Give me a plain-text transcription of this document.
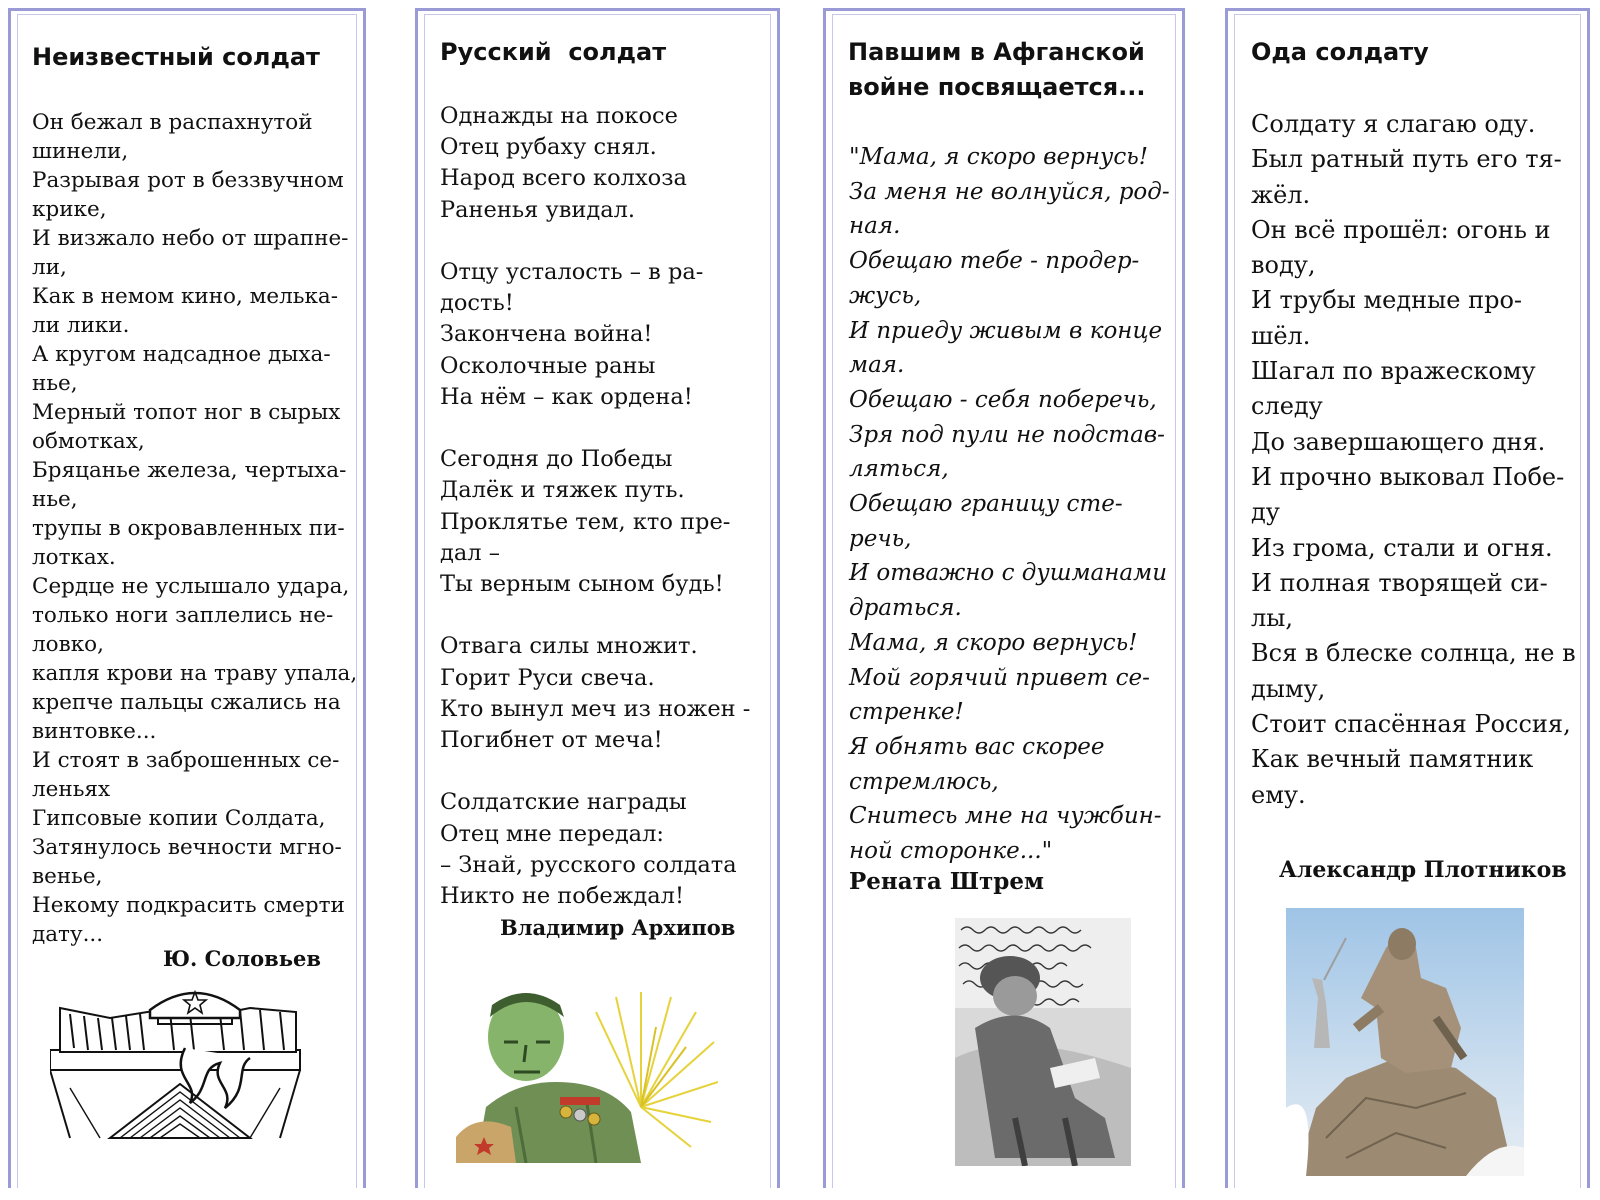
Неизвестный солдат
Он бежал в распахнутой
шинели,
Разрывая рот в беззвучном
крике,
И визжало небо от шрапне-
ли,
Как в немом кино, мелька-
ли лики.
А кругом надсадное дыха-
нье,
Мерный топот ног в сырых
обмотках,
Бряцанье железа, чертыха-
нье,
трупы в окровавленных пи-
лотках.
Сердце не услышало удара,
только ноги заплелись не-
ловко,
капля крови на траву упала,
крепче пальцы сжались на
винтовке...
И стоят в заброшенных се-
леньях
Гипсовые копии Солдата,
Затянулось вечности мгно-
венье,
Некому подкрасить смерти
дату...
Ю. Соловьев
Русский  солдат
Однажды на покосе
Отец рубаху снял.
Народ всего колхоза
Раненья увидал.

Отцу усталость – в ра-
дость!
Закончена война!
Осколочные раны
На нём – как ордена!

Сегодня до Победы
Далёк и тяжек путь.
Проклятье тем, кто пре-
дал –
Ты верным сыном будь!

Отвага силы множит.
Горит Руси свеча.
Кто вынул меч из ножен -
Погибнет от меча!

Солдатские награды
Отец мне передал:
– Знай, русского солдата
Никто не побеждал!
Владимир Архипов
Павшим в Афганской
войне посвящается...
"Мама, я скоро вернусь!
За меня не волнуйся, род-
ная.
Обещаю тебе - продер-
жусь,
И приеду живым в конце
мая.
Обещаю - себя поберечь,
Зря под пули не подстав-
ляться,
Обещаю границу сте-
речь,
И отважно с душманами
драться.
Мама, я скоро вернусь!
Мой горячий привет се-
стренке!
Я обнять вас скорее
стремлюсь,
Снитесь мне на чужбин-
ной сторонке..."
Рената Штрем
Ода солдату
Солдату я слагаю оду.
Был ратный путь его тя-
жёл.
Он всё прошёл: огонь и
воду,
И трубы медные про-
шёл.
Шагал по вражескому
следу
До завершающего дня.
И прочно выковал Побе-
ду
Из грома, стали и огня.
И полная творящей си-
лы,
Вся в блеске солнца, не в
дыму,
Стоит спасённая Россия,
Как вечный памятник
ему.
Александр Плотников
